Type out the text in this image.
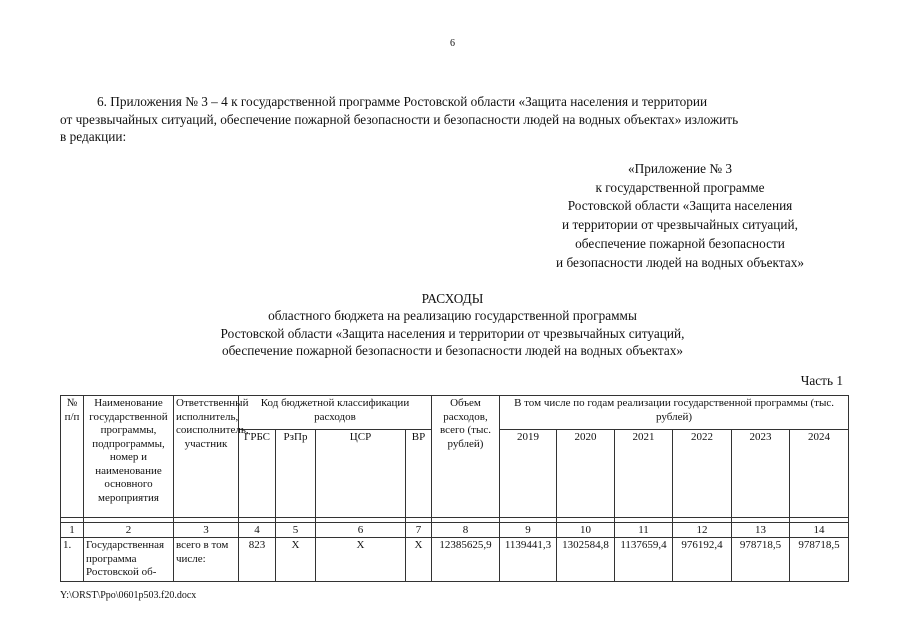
6
6. Приложения № 3 – 4 к государственной программе Ростовской области «Защита населения и территории
от чрезвычайных ситуаций, обеспечение пожарной безопасности и безопасности людей на водных объектах» изложить
в редакции:
«Приложение № 3
к государственной программе
Ростовской области «Защита населения
и территории от чрезвычайных ситуаций,
обеспечение пожарной безопасности
и безопасности людей на водных объектах»
РАСХОДЫ
областного бюджета на реализацию государственной программы
Ростовской области «Защита населения и территории от чрезвычайных ситуаций,
обеспечение пожарной безопасности и безопасности людей на водных объектах»
Часть 1
№ п/п	Наименование государственной программы, подпрограммы, номер и наименование основного мероприятия	Ответственный исполнитель, соисполнитель, участник	Код бюджетной классификации расходов				Объем расходов, всего (тыс. рублей)	В том числе по годам реализации государственной программы (тыс. рублей)					
			ГРБС	РзПр	ЦСР	ВР		2019	2020	2021	2022	2023	2024

1	2	3	4	5	6	7	8	9	10	11	12	13	14
1.	Государственная программа Ростовской об-	всего в том числе:	823	Х	Х	Х	12385625,9	1139441,3	1302584,8	1137659,4	976192,4	978718,5	978718,5
Y:\ORST\Ppo\0601p503.f20.docx
